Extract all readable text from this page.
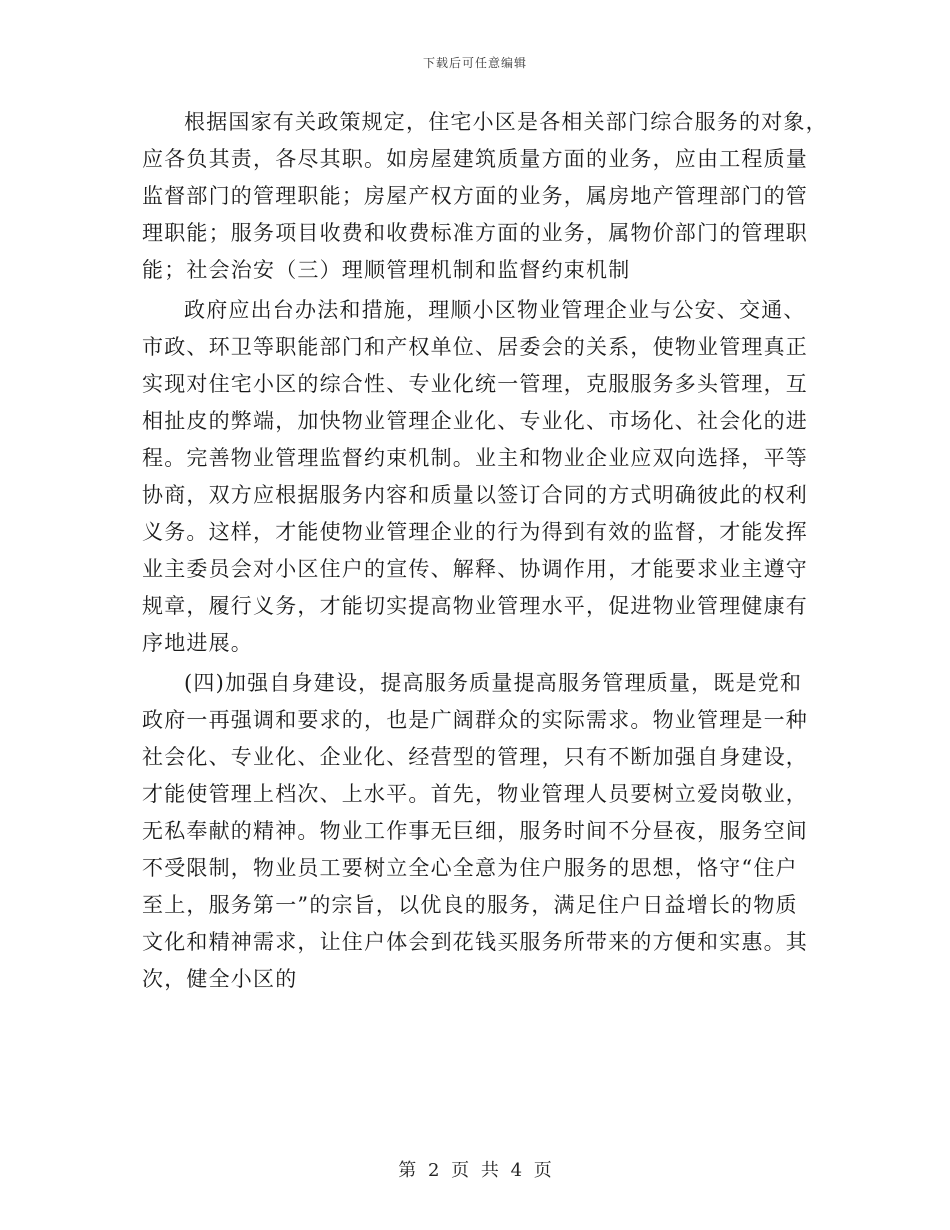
下载后可任意编辑

根据国家有关政策规定，住宅小区是各相关部门综合服务的对象，
应各负其责，各尽其职。如房屋建筑质量方面的业务，应由工程质量
监督部门的管理职能；房屋产权方面的业务，属房地产管理部门的管
理职能；服务项目收费和收费标准方面的业务，属物价部门的管理职
能；社会治安（三）理顺管理机制和监督约束机制

政府应出台办法和措施，理顺小区物业管理企业与公安、交通、
市政、环卫等职能部门和产权单位、居委会的关系，使物业管理真正
实现对住宅小区的综合性、专业化统一管理，克服服务多头管理，互
相扯皮的弊端，加快物业管理企业化、专业化、市场化、社会化的进
程。完善物业管理监督约束机制。业主和物业企业应双向选择，平等
协商，双方应根据服务内容和质量以签订合同的方式明确彼此的权利
义务。这样，才能使物业管理企业的行为得到有效的监督，才能发挥
业主委员会对小区住户的宣传、解释、协调作用，才能要求业主遵守
规章，履行义务，才能切实提高物业管理水平，促进物业管理健康有
序地进展。

(四)加强自身建设，提高服务质量提高服务管理质量，既是党和
政府一再强调和要求的，也是广阔群众的实际需求。物业管理是一种
社会化、专业化、企业化、经营型的管理，只有不断加强自身建设，
才能使管理上档次、上水平。首先，物业管理人员要树立爱岗敬业，
无私奉献的精神。物业工作事无巨细，服务时间不分昼夜，服务空间
不受限制，物业员工要树立全心全意为住户服务的思想，恪守“住户
至上，服务第一”的宗旨，以优良的服务，满足住户日益增长的物质
文化和精神需求，让住户体会到花钱买服务所带来的方便和实惠。其
次，健全小区的

第 2 页 共 4 页
